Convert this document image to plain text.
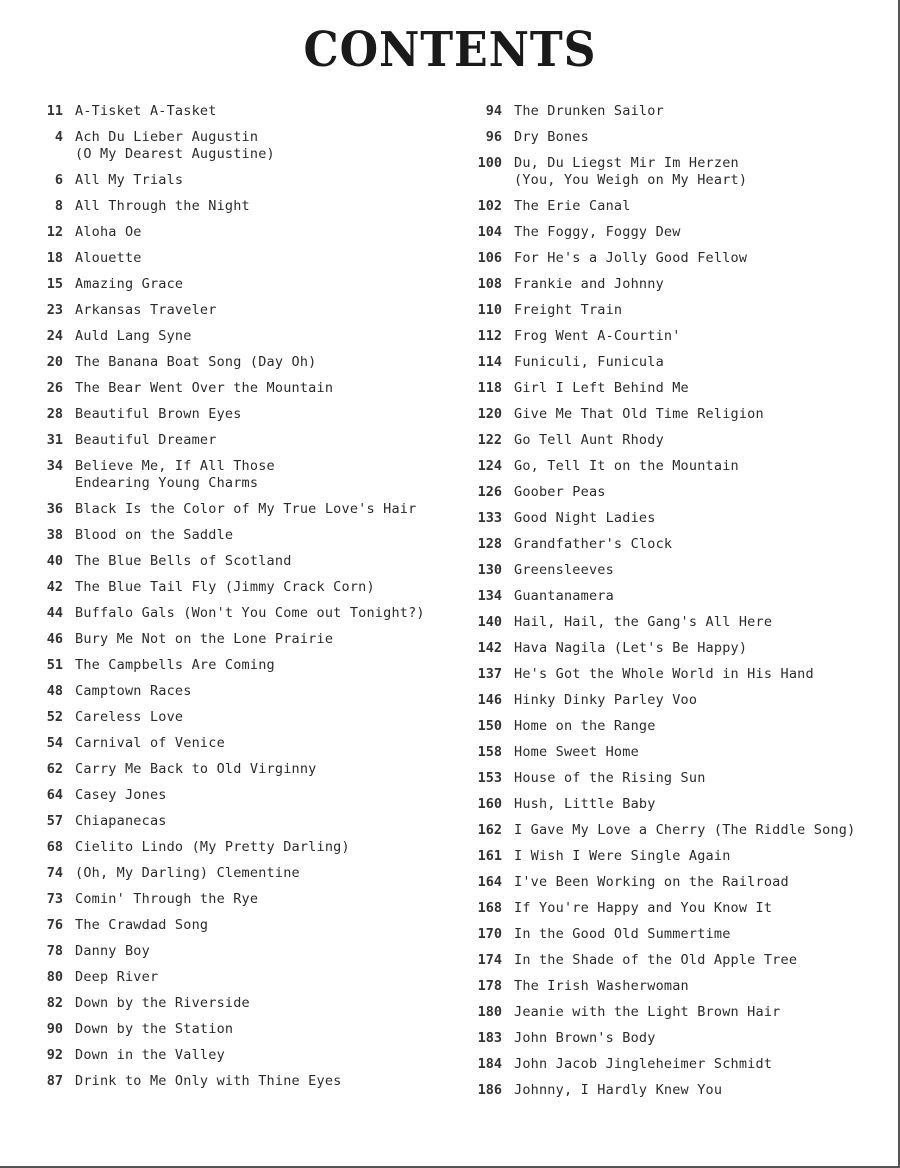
CONTENTS
11 A-Tisket A-Tasket
4 Ach Du Lieber Augustin
(O My Dearest Augustine)
6 All My Trials
8 All Through the Night
12 Aloha Oe
18 Alouette
15 Amazing Grace
23 Arkansas Traveler
24 Auld Lang Syne
20 The Banana Boat Song (Day Oh)
26 The Bear Went Over the Mountain
28 Beautiful Brown Eyes
31 Beautiful Dreamer
34 Believe Me, If All Those
Endearing Young Charms
36 Black Is the Color of My True Love's Hair
38 Blood on the Saddle
40 The Blue Bells of Scotland
42 The Blue Tail Fly (Jimmy Crack Corn)
44 Buffalo Gals (Won't You Come out Tonight?)
46 Bury Me Not on the Lone Prairie
51 The Campbells Are Coming
48 Camptown Races
52 Careless Love
54 Carnival of Venice
62 Carry Me Back to Old Virginny
64 Casey Jones
57 Chiapanecas
68 Cielito Lindo (My Pretty Darling)
74 (Oh, My Darling) Clementine
73 Comin' Through the Rye
76 The Crawdad Song
78 Danny Boy
80 Deep River
82 Down by the Riverside
90 Down by the Station
92 Down in the Valley
87 Drink to Me Only with Thine Eyes
94 The Drunken Sailor
96 Dry Bones
100 Du, Du Liegst Mir Im Herzen
(You, You Weigh on My Heart)
102 The Erie Canal
104 The Foggy, Foggy Dew
106 For He's a Jolly Good Fellow
108 Frankie and Johnny
110 Freight Train
112 Frog Went A-Courtin'
114 Funiculi, Funicula
118 Girl I Left Behind Me
120 Give Me That Old Time Religion
122 Go Tell Aunt Rhody
124 Go, Tell It on the Mountain
126 Goober Peas
133 Good Night Ladies
128 Grandfather's Clock
130 Greensleeves
134 Guantanamera
140 Hail, Hail, the Gang's All Here
142 Hava Nagila (Let's Be Happy)
137 He's Got the Whole World in His Hand
146 Hinky Dinky Parley Voo
150 Home on the Range
158 Home Sweet Home
153 House of the Rising Sun
160 Hush, Little Baby
162 I Gave My Love a Cherry (The Riddle Song)
161 I Wish I Were Single Again
164 I've Been Working on the Railroad
168 If You're Happy and You Know It
170 In the Good Old Summertime
174 In the Shade of the Old Apple Tree
178 The Irish Washerwoman
180 Jeanie with the Light Brown Hair
183 John Brown's Body
184 John Jacob Jingleheimer Schmidt
186 Johnny, I Hardly Knew You
